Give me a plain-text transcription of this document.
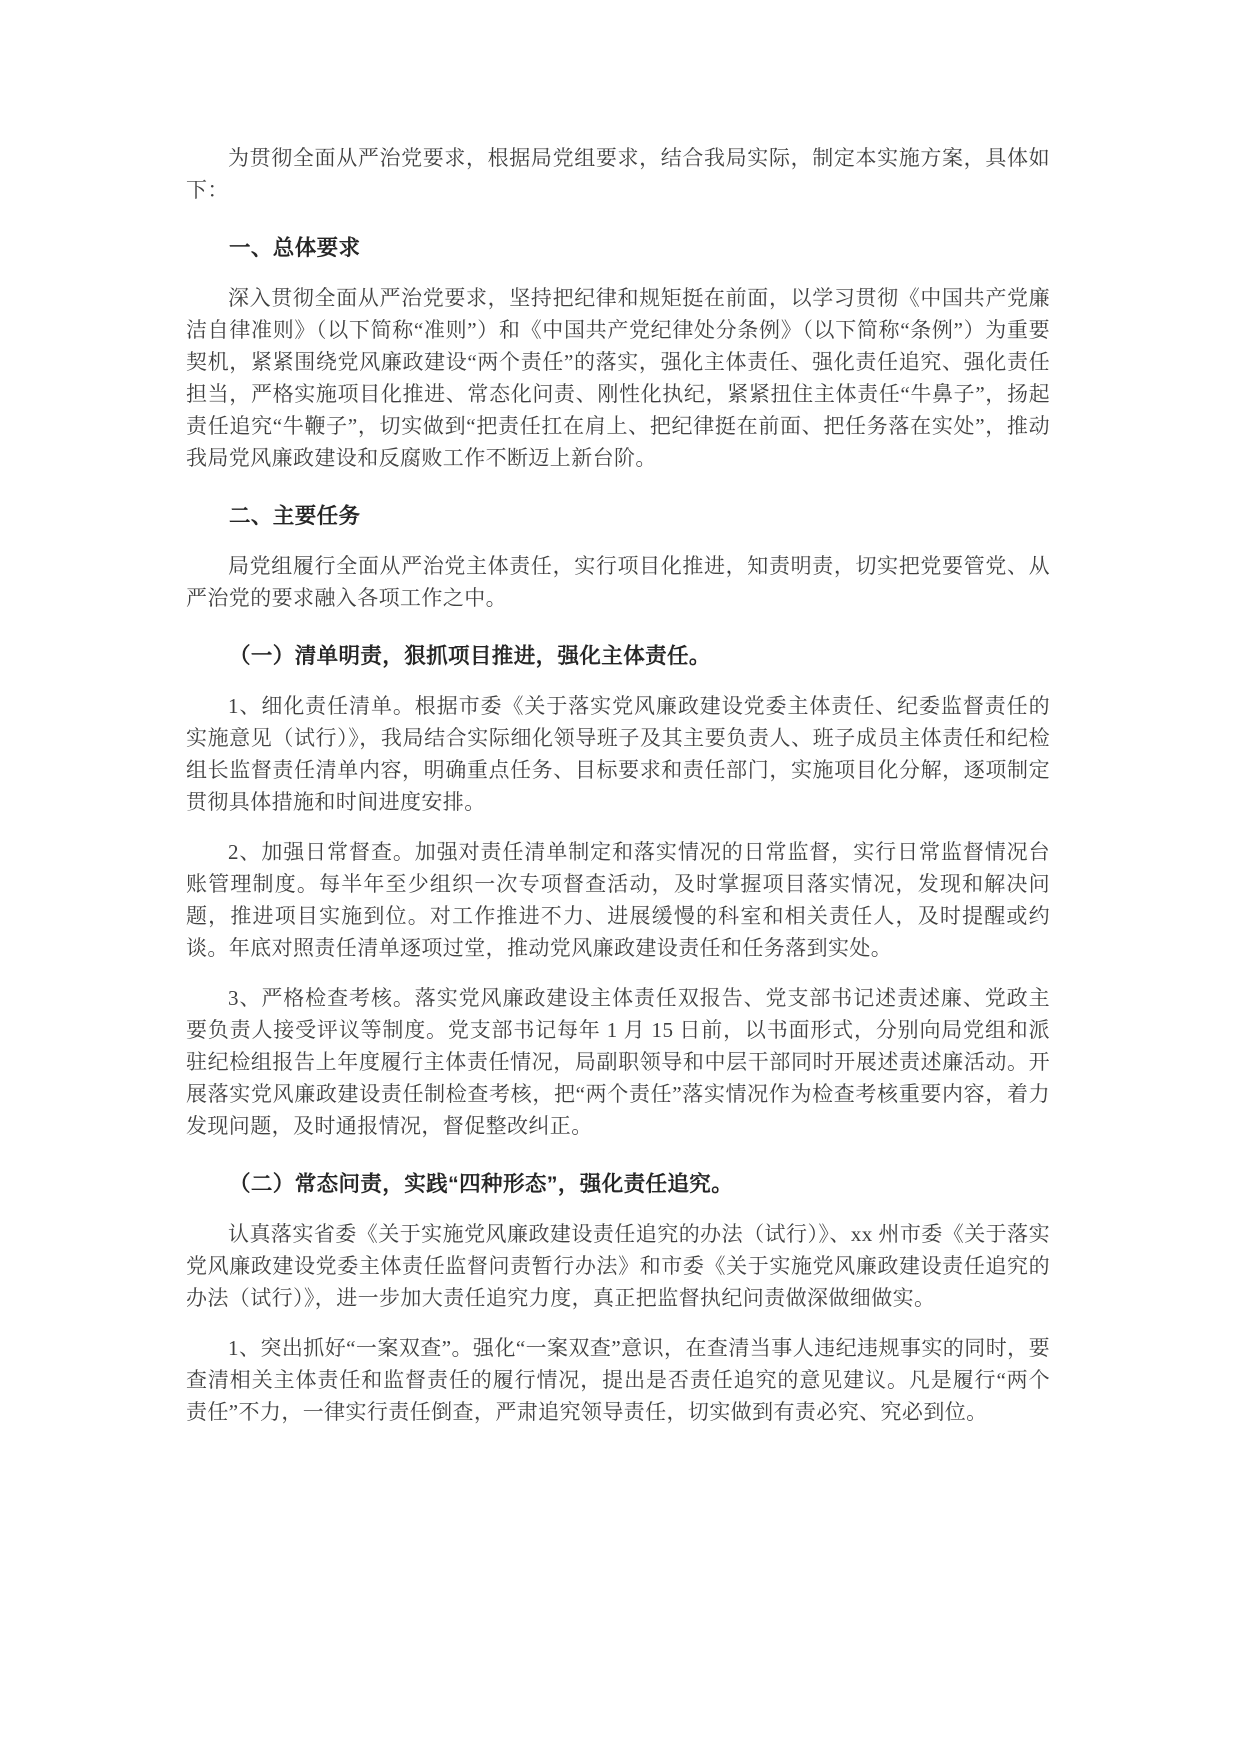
为贯彻全面从严治党要求，根据局党组要求，结合我局实际，制定本实施方案，具体如下：

一、总体要求

深入贯彻全面从严治党要求，坚持把纪律和规矩挺在前面，以学习贯彻《中国共产党廉洁自律准则》（以下简称“准则”）和《中国共产党纪律处分条例》（以下简称“条例”）为重要契机，紧紧围绕党风廉政建设“两个责任”的落实，强化主体责任、强化责任追究、强化责任担当，严格实施项目化推进、常态化问责、刚性化执纪，紧紧扭住主体责任“牛鼻子”，扬起责任追究“牛鞭子”，切实做到“把责任扛在肩上、把纪律挺在前面、把任务落在实处”，推动我局党风廉政建设和反腐败工作不断迈上新台阶。

二、主要任务

局党组履行全面从严治党主体责任，实行项目化推进，知责明责，切实把党要管党、从严治党的要求融入各项工作之中。

（一）清单明责，狠抓项目推进，强化主体责任。

1、细化责任清单。根据市委《关于落实党风廉政建设党委主体责任、纪委监督责任的实施意见（试行）》，我局结合实际细化领导班子及其主要负责人、班子成员主体责任和纪检组长监督责任清单内容，明确重点任务、目标要求和责任部门，实施项目化分解，逐项制定贯彻具体措施和时间进度安排。

2、加强日常督查。加强对责任清单制定和落实情况的日常监督，实行日常监督情况台账管理制度。每半年至少组织一次专项督查活动，及时掌握项目落实情况，发现和解决问题，推进项目实施到位。对工作推进不力、进展缓慢的科室和相关责任人，及时提醒或约谈。年底对照责任清单逐项过堂，推动党风廉政建设责任和任务落到实处。

3、严格检查考核。落实党风廉政建设主体责任双报告、党支部书记述责述廉、党政主要负责人接受评议等制度。党支部书记每年 1 月 15 日前，以书面形式，分别向局党组和派驻纪检组报告上年度履行主体责任情况，局副职领导和中层干部同时开展述责述廉活动。开展落实党风廉政建设责任制检查考核，把“两个责任”落实情况作为检查考核重要内容，着力发现问题，及时通报情况，督促整改纠正。

（二）常态问责，实践“四种形态”，强化责任追究。

认真落实省委《关于实施党风廉政建设责任追究的办法（试行）》、xx 州市委《关于落实党风廉政建设党委主体责任监督问责暂行办法》和市委《关于实施党风廉政建设责任追究的办法（试行）》，进一步加大责任追究力度，真正把监督执纪问责做深做细做实。

1、突出抓好“一案双查”。强化“一案双查”意识，在查清当事人违纪违规事实的同时，要查清相关主体责任和监督责任的履行情况，提出是否责任追究的意见建议。凡是履行“两个责任”不力，一律实行责任倒查，严肃追究领导责任，切实做到有责必究、究必到位。
